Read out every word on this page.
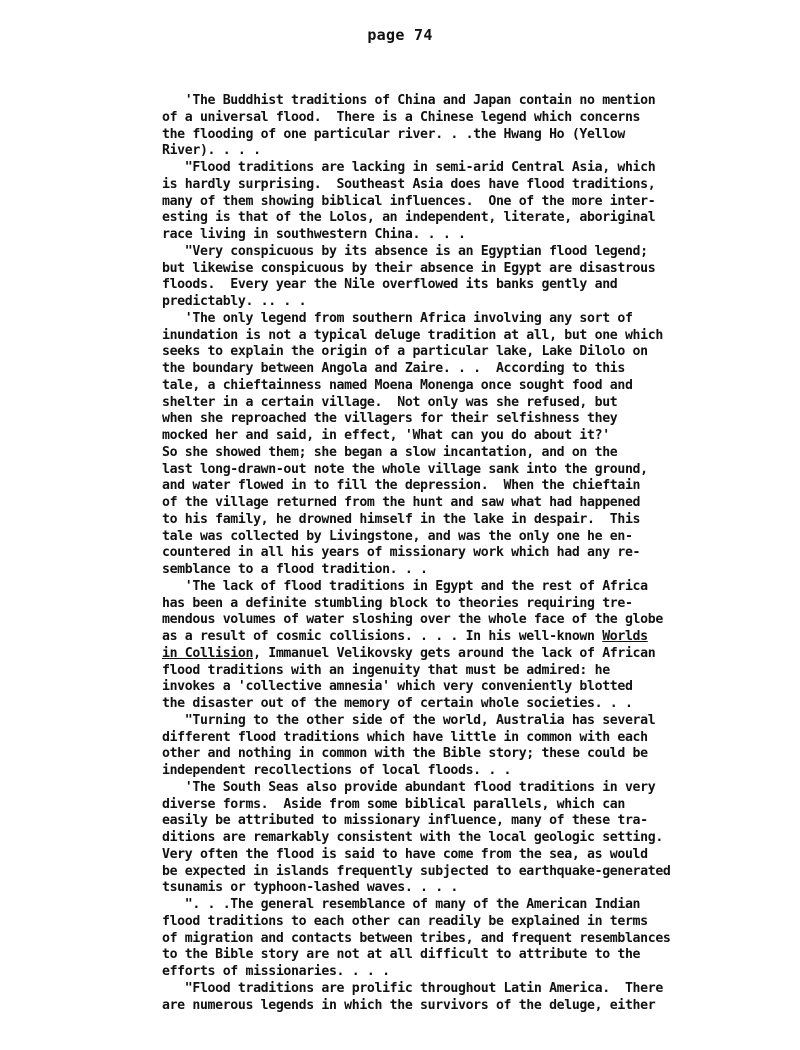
page 74
'The Buddhist traditions of China and Japan contain no mention
of a universal flood.  There is a Chinese legend which concerns
the flooding of one particular river. . .the Hwang Ho (Yellow
River). . . .
"Flood traditions are lacking in semi-arid Central Asia, which
is hardly surprising.  Southeast Asia does have flood traditions,
many of them showing biblical influences.  One of the more inter-
esting is that of the Lolos, an independent, literate, aboriginal
race living in southwestern China. . . .
"Very conspicuous by its absence is an Egyptian flood legend;
but likewise conspicuous by their absence in Egypt are disastrous
floods.  Every year the Nile overflowed its banks gently and
predictably. .. . .
'The only legend from southern Africa involving any sort of
inundation is not a typical deluge tradition at all, but one which
seeks to explain the origin of a particular lake, Lake Dilolo on
the boundary between Angola and Zaire. . .  According to this
tale, a chieftainness named Moena Monenga once sought food and
shelter in a certain village.  Not only was she refused, but
when she reproached the villagers for their selfishness they
mocked her and said, in effect, 'What can you do about it?'
So she showed them; she began a slow incantation, and on the
last long-drawn-out note the whole village sank into the ground,
and water flowed in to fill the depression.  When the chieftain
of the village returned from the hunt and saw what had happened
to his family, he drowned himself in the lake in despair.  This
tale was collected by Livingstone, and was the only one he en-
countered in all his years of missionary work which had any re-
semblance to a flood tradition. . .
'The lack of flood traditions in Egypt and the rest of Africa
has been a definite stumbling block to theories requiring tre-
mendous volumes of water sloshing over the whole face of the globe
as a result of cosmic collisions. . . . In his well-known Worlds
in Collision, Immanuel Velikovsky gets around the lack of African
flood traditions with an ingenuity that must be admired: he
invokes a 'collective amnesia' which very conveniently blotted
the disaster out of the memory of certain whole societies. . .
"Turning to the other side of the world, Australia has several
different flood traditions which have little in common with each
other and nothing in common with the Bible story; these could be
independent recollections of local floods. . .
'The South Seas also provide abundant flood traditions in very
diverse forms.  Aside from some biblical parallels, which can
easily be attributed to missionary influence, many of these tra-
ditions are remarkably consistent with the local geologic setting.
Very often the flood is said to have come from the sea, as would
be expected in islands frequently subjected to earthquake-generated
tsunamis or typhoon-lashed waves. . . .
". . .The general resemblance of many of the American Indian
flood traditions to each other can readily be explained in terms
of migration and contacts between tribes, and frequent resemblances
to the Bible story are not at all difficult to attribute to the
efforts of missionaries. . . .
"Flood traditions are prolific throughout Latin America.  There
are numerous legends in which the survivors of the deluge, either
